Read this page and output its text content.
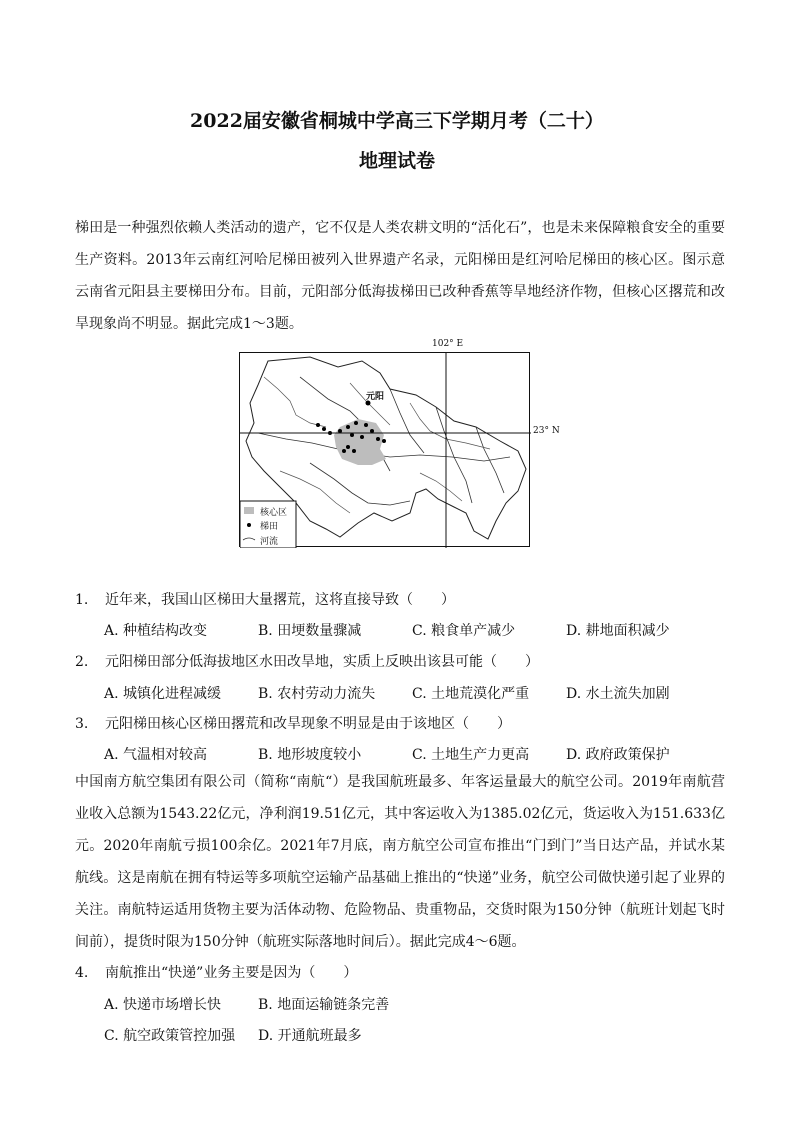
2022届安徽省桐城中学高三下学期月考（二十）
地理试卷
梯田是一种强烈依赖人类活动的遗产，它不仅是人类农耕文明的“活化石”，也是未来保障粮食安全的重要生产资料。2013年云南红河哈尼梯田被列入世界遗产名录，元阳梯田是红河哈尼梯田的核心区。图示意云南省元阳县主要梯田分布。目前，元阳部分低海拔梯田已改种香蕉等旱地经济作物，但核心区撂荒和改旱现象尚不明显。据此完成1～3题。
102° E
23° N
元阳
核心区
梯田
河流
1. 近年来，我国山区梯田大量撂荒，这将直接导致（　　）
A. 种植结构改变	B. 田埂数量骤减	C. 粮食单产减少	D. 耕地面积减少
2. 元阳梯田部分低海拔地区水田改旱地，实质上反映出该县可能（　　）
A. 城镇化进程减缓	B. 农村劳动力流失	C. 土地荒漠化严重	D. 水土流失加剧
3. 元阳梯田核心区梯田撂荒和改旱现象不明显是由于该地区（　　）
A. 气温相对较高	B. 地形坡度较小	C. 土地生产力更高	D. 政府政策保护
中国南方航空集团有限公司（简称“南航“）是我国航班最多、年客运量最大的航空公司。2019年南航营业收入总额为1543.22亿元，净利润19.51亿元，其中客运收入为1385.02亿元，货运收入为151.633亿元。2020年南航亏损100余亿。2021年7月底，南方航空公司宣布推出“门到门”当日达产品，并试水某航线。这是南航在拥有特运等多项航空运输产品基础上推出的“快递”业务，航空公司做快递引起了业界的关注。南航特运适用货物主要为活体动物、危险物品、贵重物品，交货时限为150分钟（航班计划起飞时间前），提货时限为150分钟（航班实际落地时间后）。据此完成4～6题。
4. 南航推出“快递”业务主要是因为（　　）
A. 快递市场增长快	B. 地面运输链条完善
C. 航空政策管控加强 D. 开通航班最多
